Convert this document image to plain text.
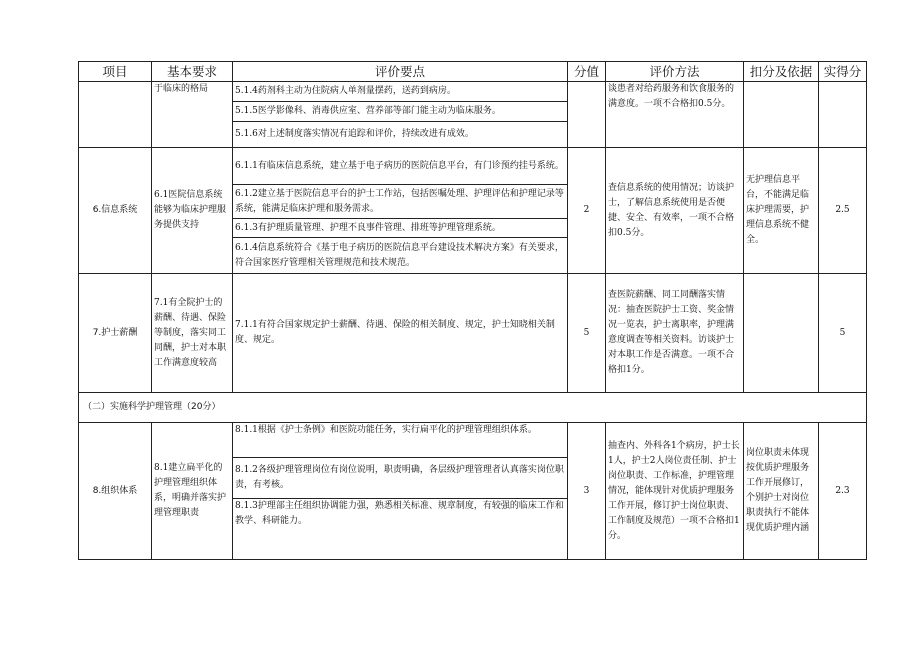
项目	基本要求	评价要点	分值	评价方法	扣分及依据	实得分
	于临床的格局	5.1.4药剂科主动为住院病人单剂量摆药，送药到病房。		谈患者对给药服务和饮食服务的满意度。一项不合格扣0.5分。		
		5.1.5医学影像科、消毒供应室、营养部等部门能主动为临床服务。				
		5.1.6对上述制度落实情况有追踪和评价，持续改进有成效。				
6.信息系统	6.1医院信息系统能够为临床护理服务提供支持	6.1.1有临床信息系统，建立基于电子病历的医院信息平台，有门诊预约挂号系统。	2	查信息系统的使用情况；访谈护士，了解信息系统使用是否便捷、安全、有效率，一项不合格扣0.5分。	无护理信息平台，不能满足临床护理需要，护理信息系统不健全。	2.5
		6.1.2建立基于医院信息平台的护士工作站，包括医嘱处理、护理评估和护理记录等系统，能满足临床护理和服务需求。				
		6.1.3有护理质量管理、护理不良事件管理、排班等护理管理系统。				
		6.1.4信息系统符合《基于电子病历的医院信息平台建设技术解决方案》有关要求，符合国家医疗管理相关管理规范和技术规范。				
7.护士薪酬	7.1有全院护士的薪酬、待遇、保险等制度，落实同工同酬，护士对本职工作满意度较高	7.1.1有符合国家规定护士薪酬、待遇、保险的相关制度、规定，护士知晓相关制度、规定。	5	查医院薪酬、同工同酬落实情况：抽查医院护士工资、奖金情况一览表，护士离职率，护理满意度调查等相关资料。访谈护士对本职工作是否满意。一项不合格扣1分。		5
（二）实施科学护理管理（20分）						
8.组织体系	8.1建立扁平化的护理管理组织体系，明确并落实护理管理职责	8.1.1根据《护士条例》和医院功能任务，实行扁平化的护理管理组织体系。	3	抽查内、外科各1个病房，护士长1人，护士2人岗位责任制、护士岗位职责、工作标准，护理管理情况，能体现针对优质护理服务工作开展，修订护士岗位职责、工作制度及规范）一项不合格扣1分。	岗位职责未体现按优质护理服务工作开展修订，个别护士对岗位职责执行不能体现优质护理内涵	2.3
		8.1.2各级护理管理岗位有岗位说明，职责明确，各层级护理管理者认真落实岗位职责，有考核。				
		8.1.3护理部主任组织协调能力强，熟悉相关标准、规章制度，有较强的临床工作和教学、科研能力。				
